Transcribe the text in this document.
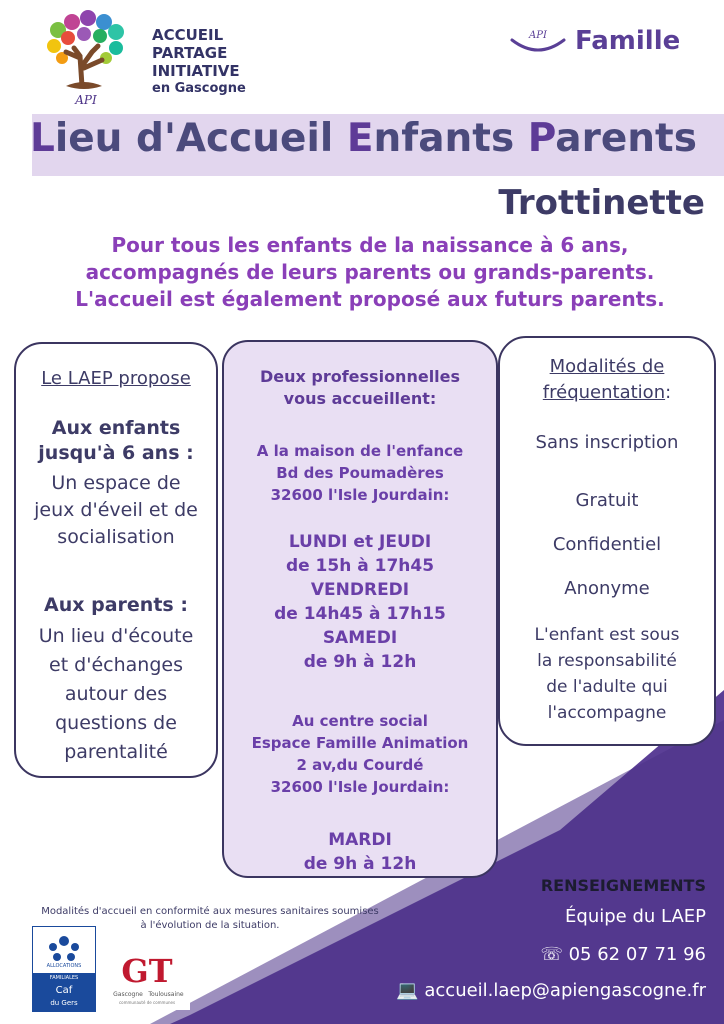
API
ACCUEIL
PARTAGE
INITIATIVE
en Gascogne
API Famille
Lieu d'Accueil Enfants Parents
Trottinette
Pour tous les enfants de la naissance à 6 ans,
accompagnés de leurs parents ou grands-parents.
L'accueil est également proposé aux futurs parents.
Le LAEP propose
Aux enfants
jusqu'à 6 ans :
Un espace de
jeux d'éveil et de
socialisation
Aux parents :
Un lieu d'écoute
et d'échanges
autour des
questions de
parentalité
Deux professionnelles
vous accueillent:
A la maison de l'enfance
Bd des Poumadères
32600 l'Isle Jourdain:
LUNDI et JEUDI
de 15h à 17h45
VENDREDI
de 14h45 à 17h15
SAMEDI
de 9h à 12h
Au centre social
Espace Famille Animation
2 av,du Courdé
32600 l'Isle Jourdain:
MARDI
de 9h à 12h
Modalités de
fréquentation:
Sans inscription
Gratuit
Confidentiel
Anonyme
L'enfant est sous
la responsabilité
de l'adulte qui
l'accompagne
Modalités d'accueil en conformité aux mesures sanitaires soumises
à l'évolution de la situation.
ALLOCATIONS
FAMILIALES
Caf
du Gers
GT
Gascogne Toulousaine
communauté de communes
RENSEIGNEMENTS
Équipe du LAEP
☏ 05 62 07 71 96
💻 accueil.laep@apiengascogne.fr
